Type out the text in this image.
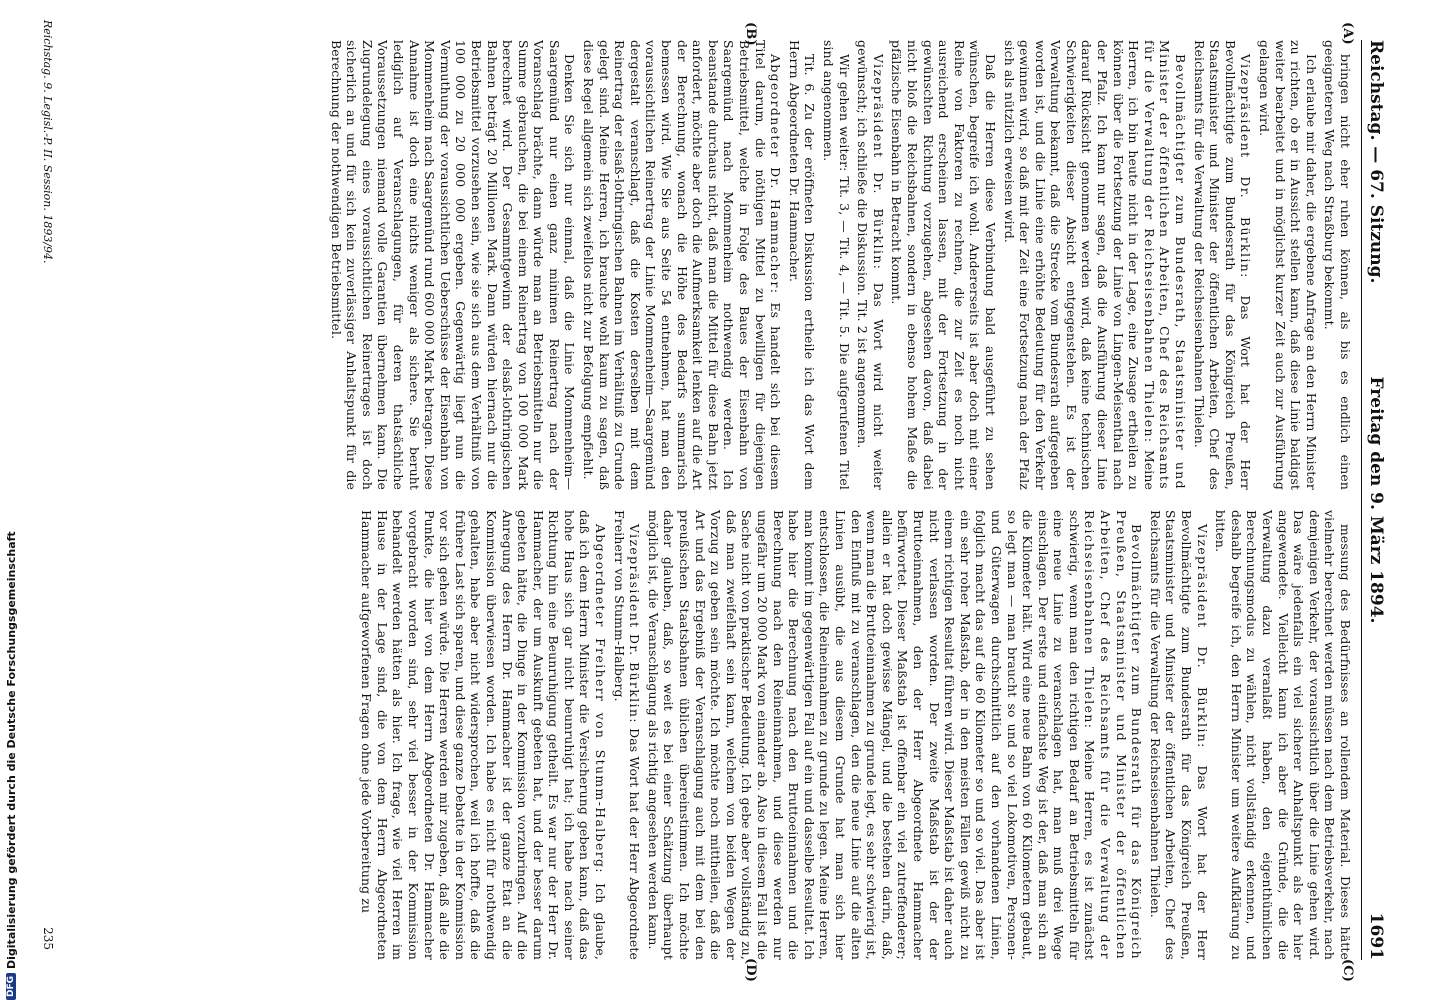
Reichstag. — 67. Sitzung.
Freitag den 9. März 1894.
1691
(A)
(B)

bringen nicht eher ruhen können, als bis es endlich einen geeigneteren Weg nach Straßburg bekommt.

Ich erlaube mir daher, die ergebene Anfrage an den Herrn Minister zu richten, ob er in Aussicht stellen kann, daß diese Linie baldigst weiter bearbeitet und in möglichst kurzer Zeit auch zur Ausführung gelangen wird.

Vizepräsident Dr. Bürklin: Das Wort hat der Herr Bevollmächtigte zum Bundesrath für das Königreich Preußen, Staatsminister und Minister der öffentlichen Arbeiten, Chef des Reichsamts für die Verwaltung der Reichseisenbahnen Thielen.

Bevollmächtigter zum Bundesrath, Staatsminister und Minister der öffentlichen Arbeiten, Chef des Reichsamts für die Verwaltung der Reichseisenbahnen Thielen: Meine Herren, ich bin heute nicht in der Lage, eine Zusage ertheilen zu können über die Fortsetzung der Linie von Lingen-Meisenthal nach der Pfalz. Ich kann nur sagen, daß die Ausführung dieser Linie darauf Rücksicht genommen werden wird, daß keine technischen Schwierigkeiten dieser Absicht entgegenstehen. Es ist der Verwaltung bekannt, daß die Strecke vom Bundesrath aufgegeben worden ist, und die Linie eine erhöhte Bedeutung für den Verkehr gewinnen wird, so daß mit der Zeit eine Fortsetzung nach der Pfalz sich als nützlich erweisen wird.

Daß die Herren diese Verbindung bald ausgeführt zu sehen wünschen, begreife ich wohl. Andererseits ist aber doch mit einer Reihe von Faktoren zu rechnen, die zur Zeit es noch nicht ausreichend erscheinen lassen, mit der Fortsetzung in der gewünschten Richtung vorzugehen, abgesehen davon, daß dabei nicht bloß die Reichsbahnen, sondern in ebenso hohem Maße die pfälzische Eisenbahn in Betracht kommt.

Vizepräsident Dr. Bürklin: Das Wort wird nicht weiter gewünscht; ich schließe die Diskussion. Tit. 2 ist angenommen.

Wir gehen weiter: Tit. 3, — Tit. 4, — Tit. 5. Die aufgerufenen Titel sind angenommen.

Tit. 6. Zu der eröffneten Diskussion ertheile ich das Wort dem Herrn Abgeordneten Dr. Hammacher.

Abgeordneter Dr. Hammacher: Es handelt sich bei diesem Titel darum, die nöthigen Mittel zu bewilligen für diejenigen Betriebsmittel, welche in Folge des Baues der Eisenbahn von Saargemünd nach Mommenheim nothwendig werden. Ich beanstande durchaus nicht, daß man die Mittel für diese Bahn jetzt anfordert, möchte aber doch die Aufmerksamkeit lenken auf die Art der Berechnung, wonach die Höhe des Bedarfs summarisch bemessen wird. Wie Sie aus Seite 54 entnehmen, hat man den voraussichtlichen Reinertrag der Linie Mommenheim—Saargemünd dergestalt veranschlagt, daß die Kosten derselben mit dem Reinertrag der elsaß-lothringischen Bahnen im Verhältniß zu Grunde gelegt sind. Meine Herren, ich brauche wohl kaum zu sagen, daß diese Regel allgemein sich zweifellos nicht zur Befolgung empfiehlt.

Denken Sie sich nur einmal, daß die Linie Mommenheim—Saargemünd nur einen ganz minimen Reinertrag nach der Voranschlag brächte, dann würde man an Betriebsmitteln nur die Summe gebrauchen, die bei einem Reinertrag von 100 000 Mark berechnet wird. Der Gesammtgewinn der elsaß-lothringischen Bahnen beträgt 20 Millionen Mark. Dann würden hiernach nur die Betriebsmittel vorzusehen sein, wie sie sich aus dem Verhältniß von 100 000 zu 20 000 000 ergeben. Gegenwärtig liegt nun die Vermuthung der voraussichtlichen Ueberschüsse der Eisenbahn von Mommenheim nach Saargemünd rund 600 000 Mark betragen. Diese Annahme ist doch eine nichts weniger als sichere. Sie beruht lediglich auf Veranschlagungen, für deren thatsächliche Voraussetzungen niemand volle Garantien übernehmen kann. Die Zugrundelegung eines voraussichtlichen Reinertrages ist doch sicherlich an und für sich kein zuverlässiger Anhaltspunkt für die Berechnung der nothwendigen Betriebsmittel.

(C)
(D)

messung des Bedürfnisses an rollendem Material. Dieses hätte vielmehr berechnet werden müssen nach dem Betriebsverkehr, nach demjenigen Verkehr, der voraussichtlich über die Linie gehen wird. Das wäre jedenfalls ein viel sicherer Anhaltspunkt als der hier angewendete. Vielleicht kann ich aber die Gründe, die die Verwaltung dazu veranlaßt haben, den eigenthümlichen Berechnungsmodus zu wählen, nicht vollständig erkennen, und deshalb begreife ich, den Herrn Minister um weitere Aufklärung zu bitten.

Vizepräsident Dr. Bürklin: Das Wort hat der Herr Bevollmächtigte zum Bundesrath für das Königreich Preußen, Staatsminister und Minister der öffentlichen Arbeiten, Chef des Reichsamts für die Verwaltung der Reichseisenbahnen Thielen.

Bevollmächtigter zum Bundesrath für das Königreich Preußen, Staatsminister und Minister der öffentlichen Arbeiten, Chef des Reichsamts für die Verwaltung der Reichseisenbahnen Thielen: Meine Herren, es ist zunächst schwierig, wenn man den richtigen Bedarf an Betriebsmitteln für eine neue Linie zu veranschlagen hat, man muß drei Wege einschlagen. Der erste und einfachste Weg ist der, daß man sich an die Kilometer hält. Wird eine neue Bahn von 60 Kilometern gebaut, so legt man — man braucht so und so viel Lokomotiven, Personen- und Güterwagen durchschnittlich auf den vorhandenen Linien, folglich macht das auf die 60 Kilometer so und so viel. Das aber ist ein sehr roher Maßstab, der in den meisten Fällen gewiß nicht zu einem richtigen Resultat führen wird. Dieser Maßstab ist daher auch nicht verlassen worden. Der zweite Maßstab ist der der Bruttoeinnahmen, den der Herr Abgeordnete Hammacher befürwortet. Dieser Maßstab ist offenbar ein viel zutreffenderer; allein er hat doch gewisse Mängel, und die bestehen darin, daß, wenn man die Bruttoeinnahmen zu grunde legt, es sehr schwierig ist, den Einfluß mit zu veranschlagen, den die neue Linie auf die alten Linien ausübt, die aus diesem Grunde hat man sich hier entschlossen, die Reineinnahmen zu grunde zu legen. Meine Herren, man kommt im gegenwärtigen Fall auf ein und dasselbe Resultat. Ich habe hier die Berechnung nach den Bruttoeinnahmen und die Berechnung nach den Reineinnahmen, und diese werden nur ungefähr um 20 000 Mark von einander ab. Also in diesem Fall ist die Sache nicht von praktischer Bedeutung. Ich gebe aber vollständig zu, daß man zweifelhaft sein kann, welchem von beiden Wegen der Vorzug zu geben sein möchte. Ich möchte noch mittheilen, daß die Art und das Ergebniß der Veranschlagung auch mit dem bei den preußischen Staatsbahnen üblichen übereinstimmen. Ich möchte daher glauben, daß, so weit es bei einer Schätzung überhaupt möglich ist, die Veranschlagung als richtig angesehen werden kann.

Vizepräsident Dr. Bürklin: Das Wort hat der Herr Abgeordnete Freiherr von Stumm-Halberg.

Abgeordneter Freiherr von Stumm-Halberg: Ich glaube, daß ich dem Herrn Minister die Versicherung geben kann, daß das hohe Haus sich gar nicht beunruhigt hat; ich habe nach seiner Richtung hin eine Beunruhigung getheilt. Es war nur der Herr Dr. Hammacher, der um Auskunft gebeten hat, und der besser darum gebeten hätte, die Dinge in der Kommission vorzubringen. Auf die Anregung des Herrn Dr. Hammacher ist der ganze Etat an die Kommission überwiesen worden. Ich habe es nicht für nothwendig gehalten, habe aber nicht widersprochen, weil ich hoffte, daß die frühere Last sich sparen, und diese ganze Debatte in der Kommission vor sich gehen würde. Die Herren werden mir zugeben, daß alle die Punkte, die hier von dem Herrn Abgeordneten Dr. Hammacher vorgebracht worden sind, sehr viel besser in der Kommission behandelt werden hätten als hier. Ich frage, wie viel Herren im Hause in der Lage sind, die von dem Herrn Abgeordneten Hammacher aufgeworfenen Fragen ohne jede Vorbereitung zu

Reichstag. 9. Legisl.-P. II. Session. 1893/94.
235
DFG
Digitalisierung gefördert durch die Deutsche Forschungsgemeinschaft
